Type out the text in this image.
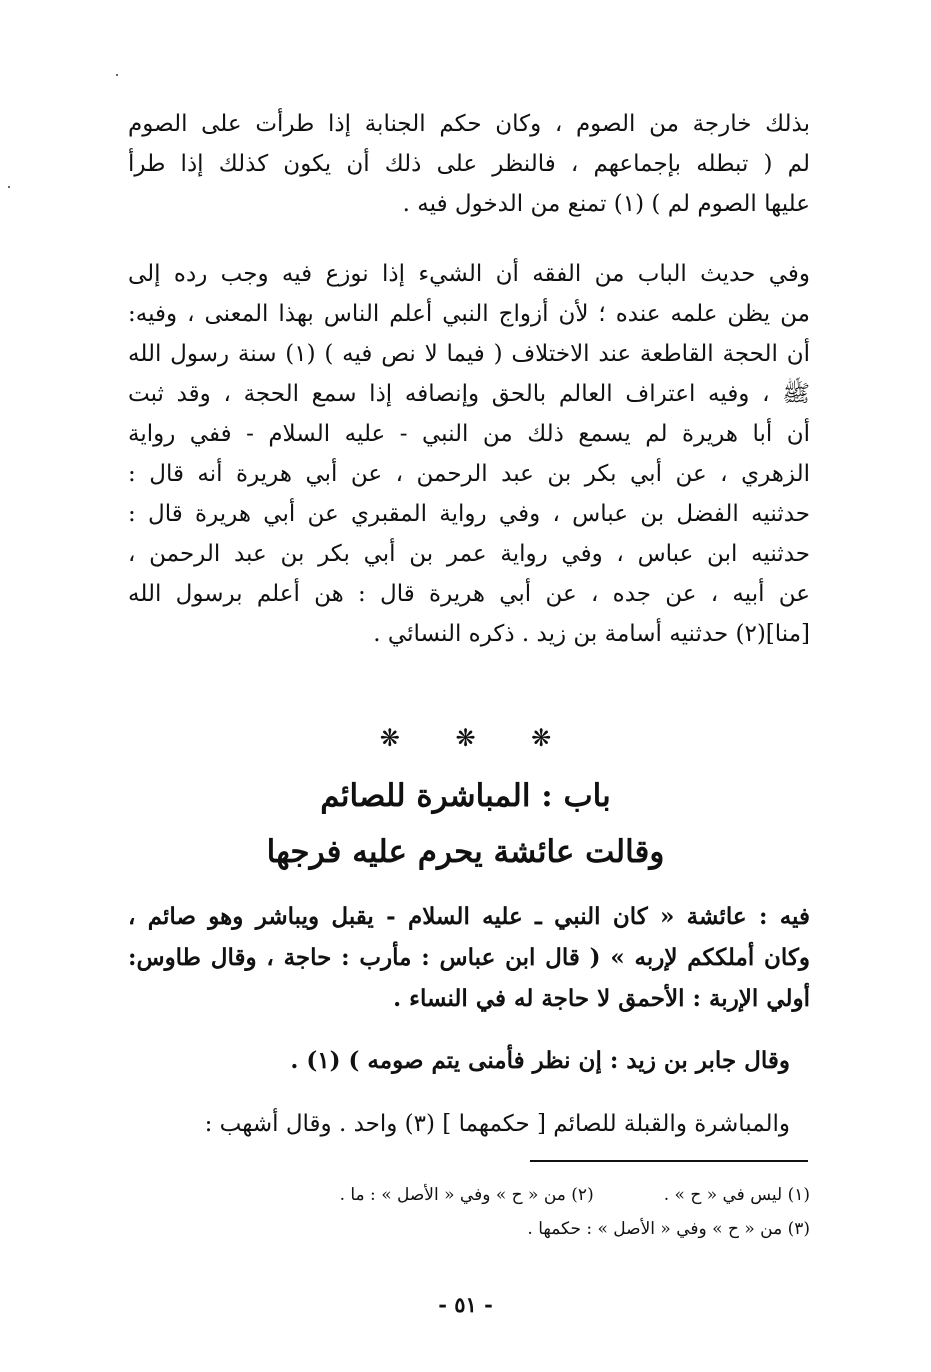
بذلك خارجة من الصوم ، وكان حكم الجنابة إذا طرأت على الصوم
لم ( تبطله بإجماعهم ، فالنظر على ذلك أن يكون كذلك إذا طرأ
عليها الصوم لم ) (١) تمنع من الدخول فيه .
وفي حديث الباب من الفقه أن الشيء إذا نوزع فيه وجب رده إلى
من يظن علمه عنده ؛ لأن أزواج النبي أعلم الناس بهذا المعنى ، وفيه:
أن الحجة القاطعة عند الاختلاف ( فيما لا نص فيه ) (١) سنة رسول الله
ﷺ ، وفيه اعتراف العالم بالحق وإنصافه إذا سمع الحجة ، وقد ثبت
أن أبا هريرة لم يسمع ذلك من النبي - عليه السلام - ففي رواية
الزهري ، عن أبي بكر بن عبد الرحمن ، عن أبي هريرة أنه قال :
حدثنيه الفضل بن عباس ، وفي رواية المقبري عن أبي هريرة قال :
حدثنيه ابن عباس ، وفي رواية عمر بن أبي بكر بن عبد الرحمن ،
عن أبيه ، عن جده ، عن أبي هريرة قال : هن أعلم برسول الله
[منا](٢) حدثنيه أسامة بن زيد . ذكره النسائي .
❋ ❋ ❋
باب : المباشرة للصائم
وقالت عائشة يحرم عليه فرجها
فيه : عائشة « كان النبي ـ عليه السلام - يقبل ويباشر وهو صائم ،
وكان أملككم لإربه » ( قال ابن عباس : مأرب : حاجة ، وقال طاوس:
أولي الإربة : الأحمق لا حاجة له في النساء .
وقال جابر بن زيد : إن نظر فأمنى يتم صومه ) (١) .
والمباشرة والقبلة للصائم [ حكمهما ] (٣) واحد . وقال أشهب :
(١) ليس في « ح » .(٢) من « ح » وفي « الأصل » : ما .
(٣) من « ح » وفي « الأصل » : حكمها .
- ٥١ -
